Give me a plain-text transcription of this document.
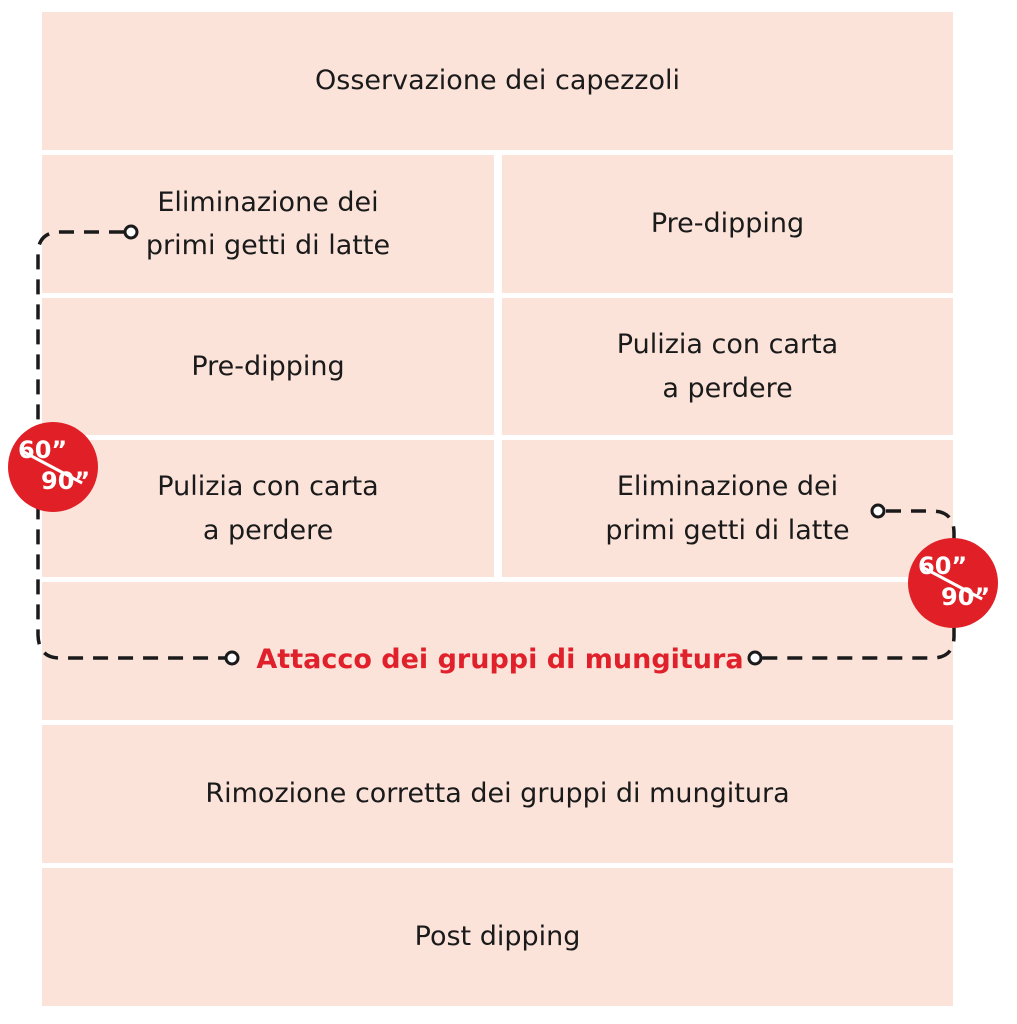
Osservazione dei capezzoli
Eliminazione dei
primi getti di latte
Pre-dipping
Pre-dipping
Pulizia con carta
a perdere
Pulizia con carta
a perdere
Eliminazione dei
primi getti di latte
Rimozione corretta dei gruppi di mungitura
Post dipping
Attacco dei gruppi di mungitura
60”
90”
60”
90”
